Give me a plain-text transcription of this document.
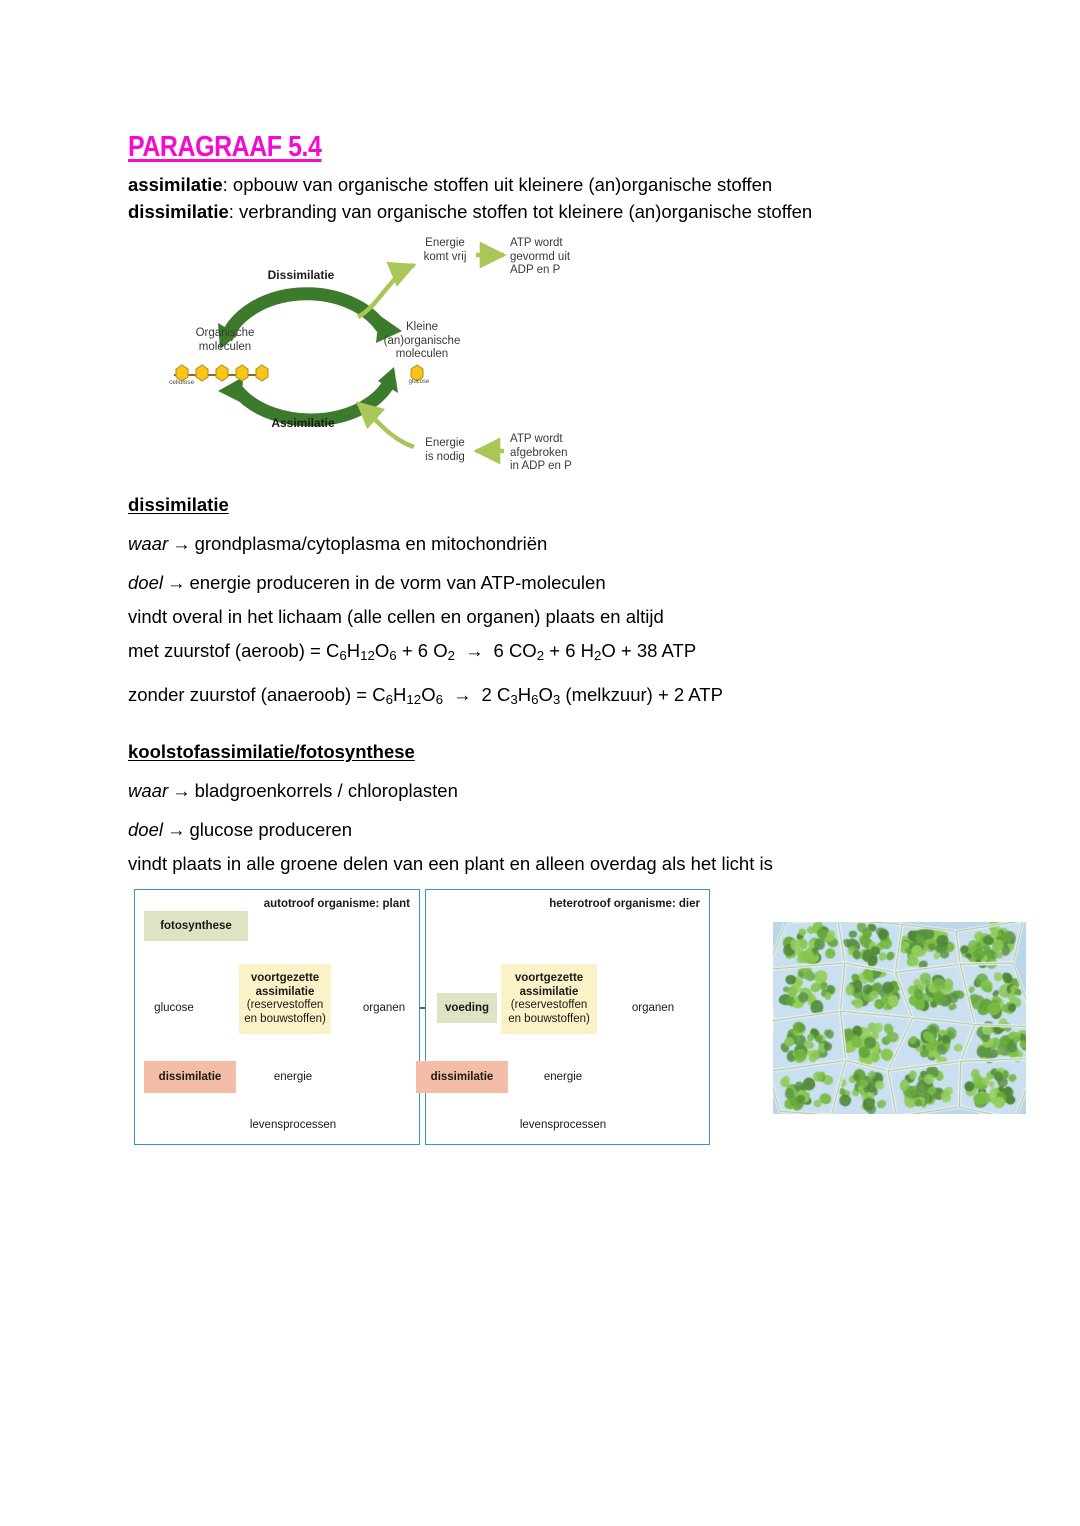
PARAGRAAF 5.4
assimilatie: opbouw van organische stoffen uit kleinere (an)organische stoffen
dissimilatie: verbranding van organische stoffen tot kleinere (an)organische stoffen
cellulose	glucose
Dissimilatie
Assimilatie
Organische
moleculen
Kleine
(an)organische
moleculen
Energie
komt vrij
ATP wordt
gevormd uit
ADP en P
Energie
is nodig
ATP wordt
afgebroken
in ADP en P
dissimilatie
waar → grondplasma/cytoplasma en mitochondriën
doel → energie produceren in de vorm van ATP-moleculen
vindt overal in het lichaam (alle cellen en organen) plaats en altijd
met zuurstof (aeroob) = $C_6H_{12}O_6 + 6$ $O_2 \to 6$ $CO_2 + 6$ $H_2O + 38$ ATP
zonder zuurstof (anaeroob) = $C_6H_{12}O_6 \to 2$ $C_3H_6O_3$ (melkzuur) + 2 ATP
koolstofassimilatie/fotosynthese
waar → bladgroenkorrels / chloroplasten
doel → glucose produceren
vindt plaats in alle groene delen van een plant en alleen overdag als het licht is
autotroof organisme: plant
fotosynthese
glucose
voortgezette
assimilatie
(reservestoffen
en bouwstoffen)
organen
dissimilatie	energie
levensprocessen
heterotroof organisme: dier
voeding
voortgezette
assimilatie
(reservestoffen
en bouwstoffen)
organen
dissimilatie	energie
levensprocessen
